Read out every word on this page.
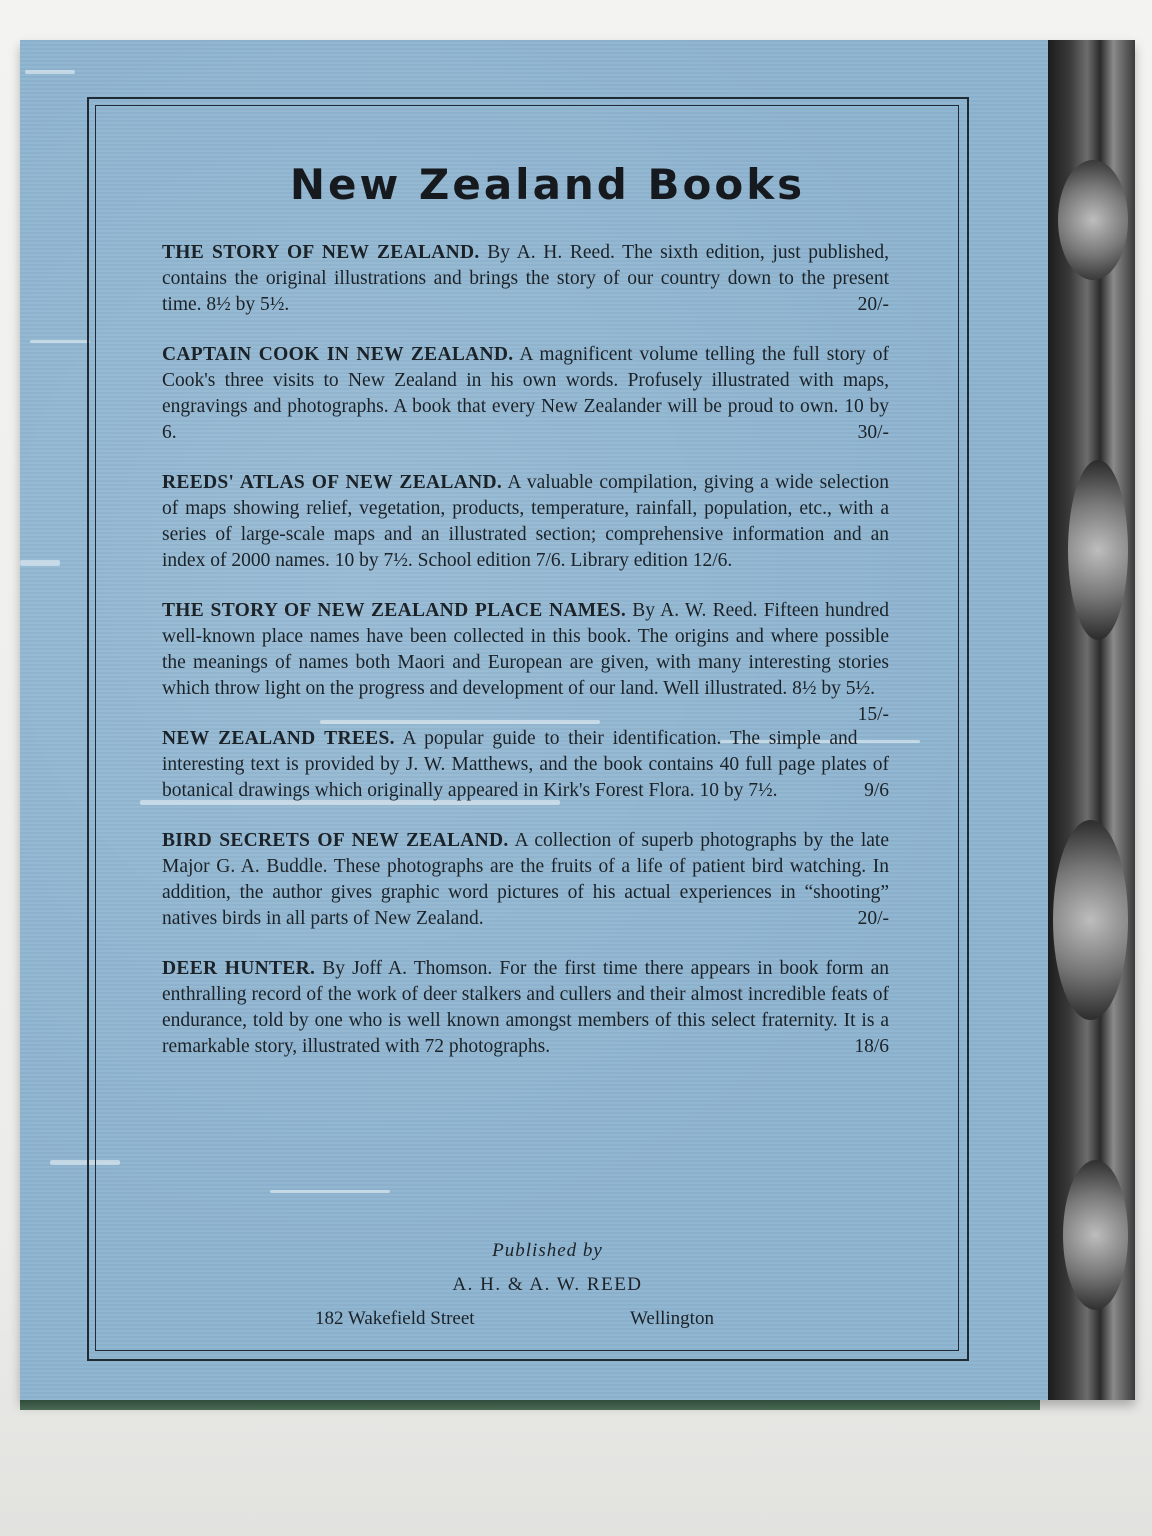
New Zealand Books

THE STORY OF NEW ZEALAND. By A. H. Reed. The sixth edition, just published, contains the original illustrations and brings the story of our country down to the present time. 8½ by 5½.	20/-

CAPTAIN COOK IN NEW ZEALAND. A magnificent volume telling the full story of Cook's three visits to New Zealand in his own words. Profusely illustrated with maps, engravings and photographs. A book that every New Zealander will be proud to own. 10 by 6.	30/-

REEDS' ATLAS OF NEW ZEALAND. A valuable compilation, giving a wide selection of maps showing relief, vegetation, products, temperature, rainfall, population, etc., with a series of large-scale maps and an illustrated section; comprehensive information and an index of 2000 names. 10 by 7½. School edition 7/6. Library edition 12/6.

THE STORY OF NEW ZEALAND PLACE NAMES. By A. W. Reed. Fifteen hundred well-known place names have been collected in this book. The origins and where possible the meanings of names both Maori and European are given, with many interesting stories which throw light on the progress and development of our land. Well illustrated. 8½ by 5½.
15/-

NEW ZEALAND TREES. A popular guide to their identification. The simple and interesting text is provided by J. W. Matthews, and the book contains 40 full page plates of botanical drawings which originally appeared in Kirk's Forest Flora. 10 by 7½.	9/6

BIRD SECRETS OF NEW ZEALAND. A collection of superb photographs by the late Major G. A. Buddle. These photographs are the fruits of a life of patient bird watching. In addition, the author gives graphic word pictures of his actual experiences in “shooting” natives birds in all parts of New Zealand.	20/-

DEER HUNTER. By Joff A. Thomson. For the first time there appears in book form an enthralling record of the work of deer stalkers and cullers and their almost incredible feats of endurance, told by one who is well known amongst members of this select fraternity. It is a remarkable story, illustrated with 72 photographs.	18/6

Published by
A. H. & A. W. REED
182 Wakefield Street	Wellington
